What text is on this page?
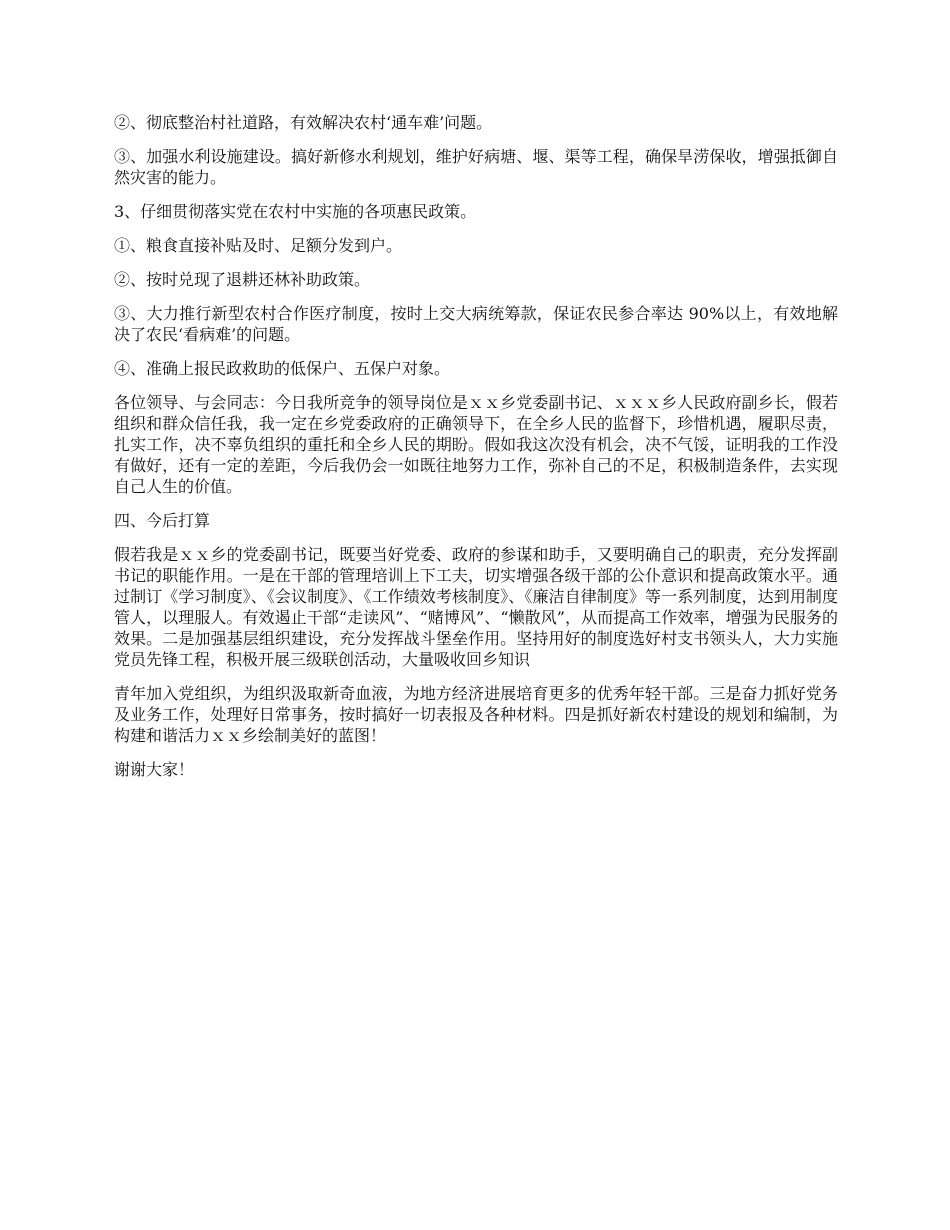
②、彻底整治村社道路，有效解决农村‘通车难’问题。

③、加强水利设施建设。搞好新修水利规划，维护好病塘、堰、渠等工程，确保旱涝保收，增强抵御自然灾害的能力。

3、仔细贯彻落实党在农村中实施的各项惠民政策。

①、粮食直接补贴及时、足额分发到户。

②、按时兑现了退耕还林补助政策。

③、大力推行新型农村合作医疗制度，按时上交大病统筹款，保证农民参合率达 90%以上，有效地解决了农民‘看病难’的问题。

④、准确上报民政救助的低保户、五保户对象。

各位领导、与会同志：今日我所竞争的领导岗位是ｘｘ乡党委副书记、ｘｘｘ乡人民政府副乡长，假若组织和群众信任我，我一定在乡党委政府的正确领导下，在全乡人民的监督下，珍惜机遇，履职尽责，扎实工作，决不辜负组织的重托和全乡人民的期盼。假如我这次没有机会，决不气馁，证明我的工作没有做好，还有一定的差距，今后我仍会一如既往地努力工作，弥补自己的不足，积极制造条件，去实现自己人生的价值。

四、今后打算

假若我是ｘｘ乡的党委副书记，既要当好党委、政府的参谋和助手，又要明确自己的职责，充分发挥副书记的职能作用。一是在干部的管理培训上下工夫，切实增强各级干部的公仆意识和提高政策水平。通过制订《学习制度》、《会议制度》、《工作绩效考核制度》、《廉洁自律制度》等一系列制度，达到用制度管人，以理服人。有效遏止干部“走读风”、“赌博风”、“懒散风”，从而提高工作效率，增强为民服务的效果。二是加强基层组织建设，充分发挥战斗堡垒作用。坚持用好的制度选好村支书领头人，大力实施党员先锋工程，积极开展三级联创活动，大量吸收回乡知识

青年加入党组织，为组织汲取新奇血液，为地方经济进展培育更多的优秀年轻干部。三是奋力抓好党务及业务工作，处理好日常事务，按时搞好一切表报及各种材料。四是抓好新农村建设的规划和编制，为构建和谐活力ｘｘ乡绘制美好的蓝图！

谢谢大家！
